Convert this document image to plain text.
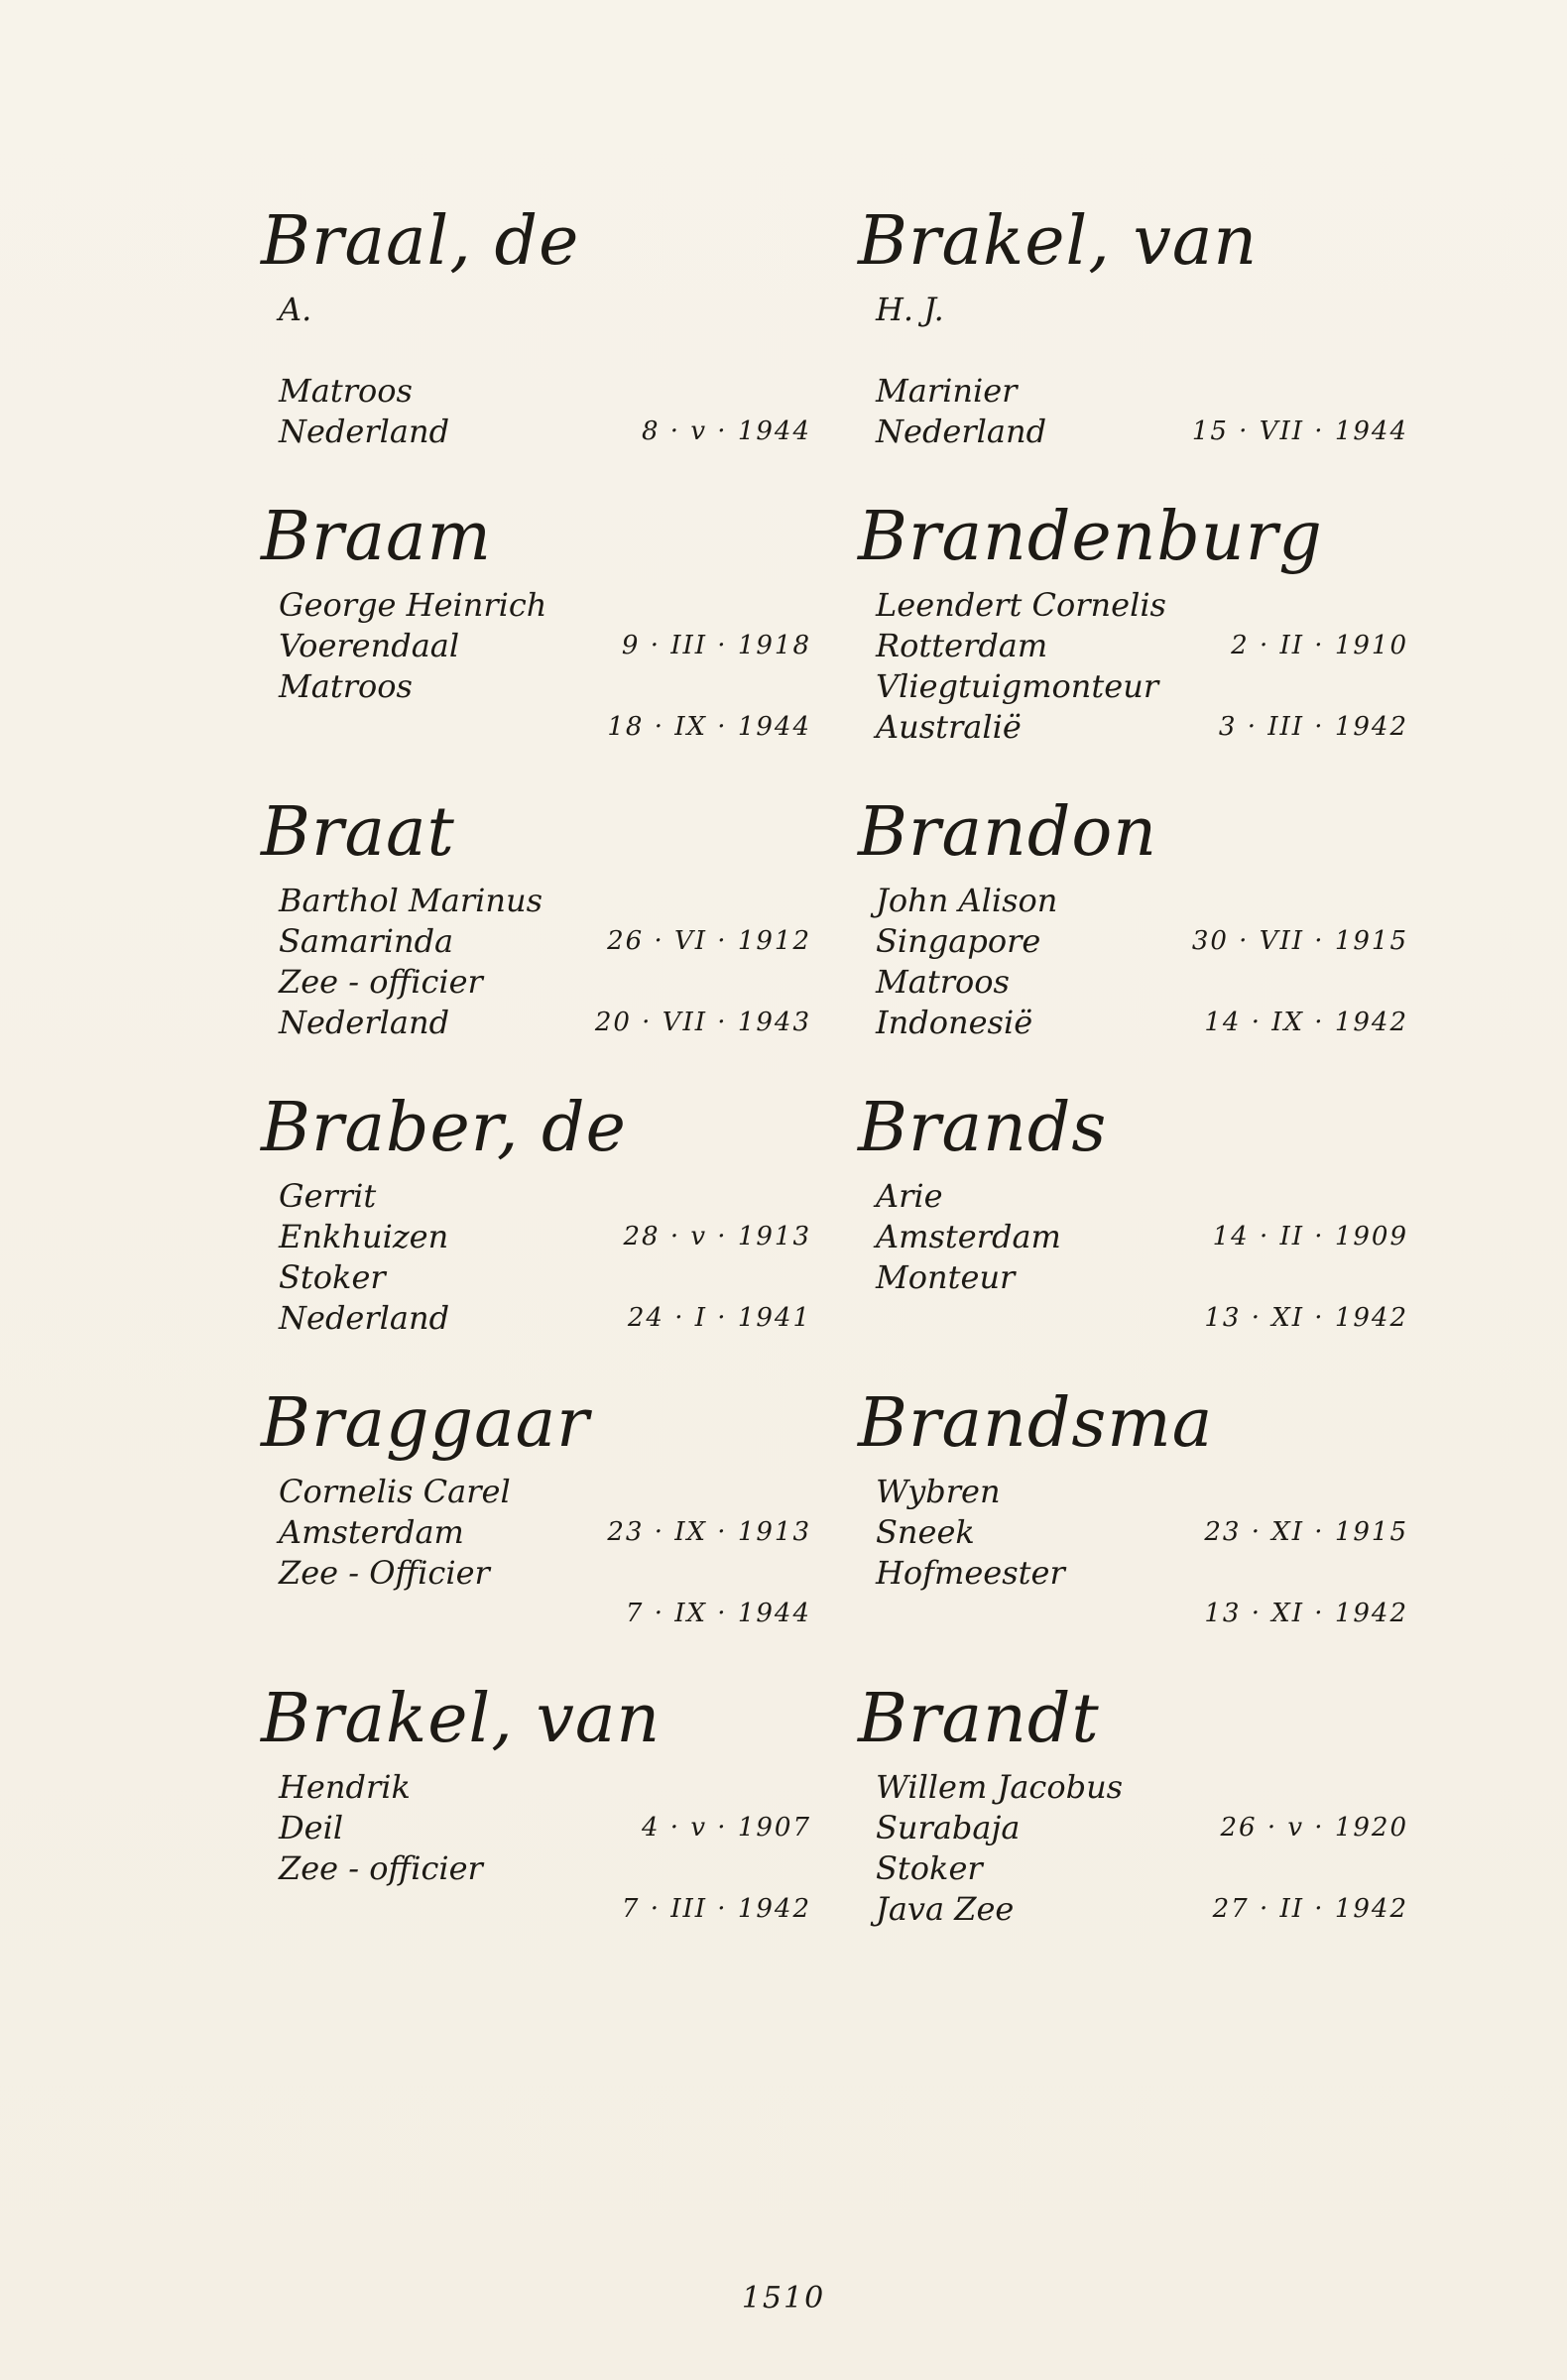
Braal, de
A.
Matroos
Nederland	8 · v · 1944
Braam
George Heinrich
Voerendaal	9 · III · 1918
Matroos
18 · IX · 1944
Braat
Barthol Marinus
Samarinda	26 · VI · 1912
Zee - officier
Nederland	20 · VII · 1943
Braber, de
Gerrit
Enkhuizen	28 · v · 1913
Stoker
Nederland	24 · I · 1941
Braggaar
Cornelis Carel
Amsterdam	23 · IX · 1913
Zee - Officier
7 · IX · 1944
Brakel, van
Hendrik
Deil	4 · v · 1907
Zee - officier
7 · III · 1942
Brakel, van
H. J.
Marinier
Nederland	15 · VII · 1944
Brandenburg
Leendert Cornelis
Rotterdam	2 · II · 1910
Vliegtuigmonteur
Australië	3 · III · 1942
Brandon
John Alison
Singapore	30 · VII · 1915
Matroos
Indonesië	14 · IX · 1942
Brands
Arie
Amsterdam	14 · II · 1909
Monteur
13 · XI · 1942
Brandsma
Wybren
Sneek	23 · XI · 1915
Hofmeester
13 · XI · 1942
Brandt
Willem Jacobus
Surabaja	26 · v · 1920
Stoker
Java Zee	27 · II · 1942
1510
